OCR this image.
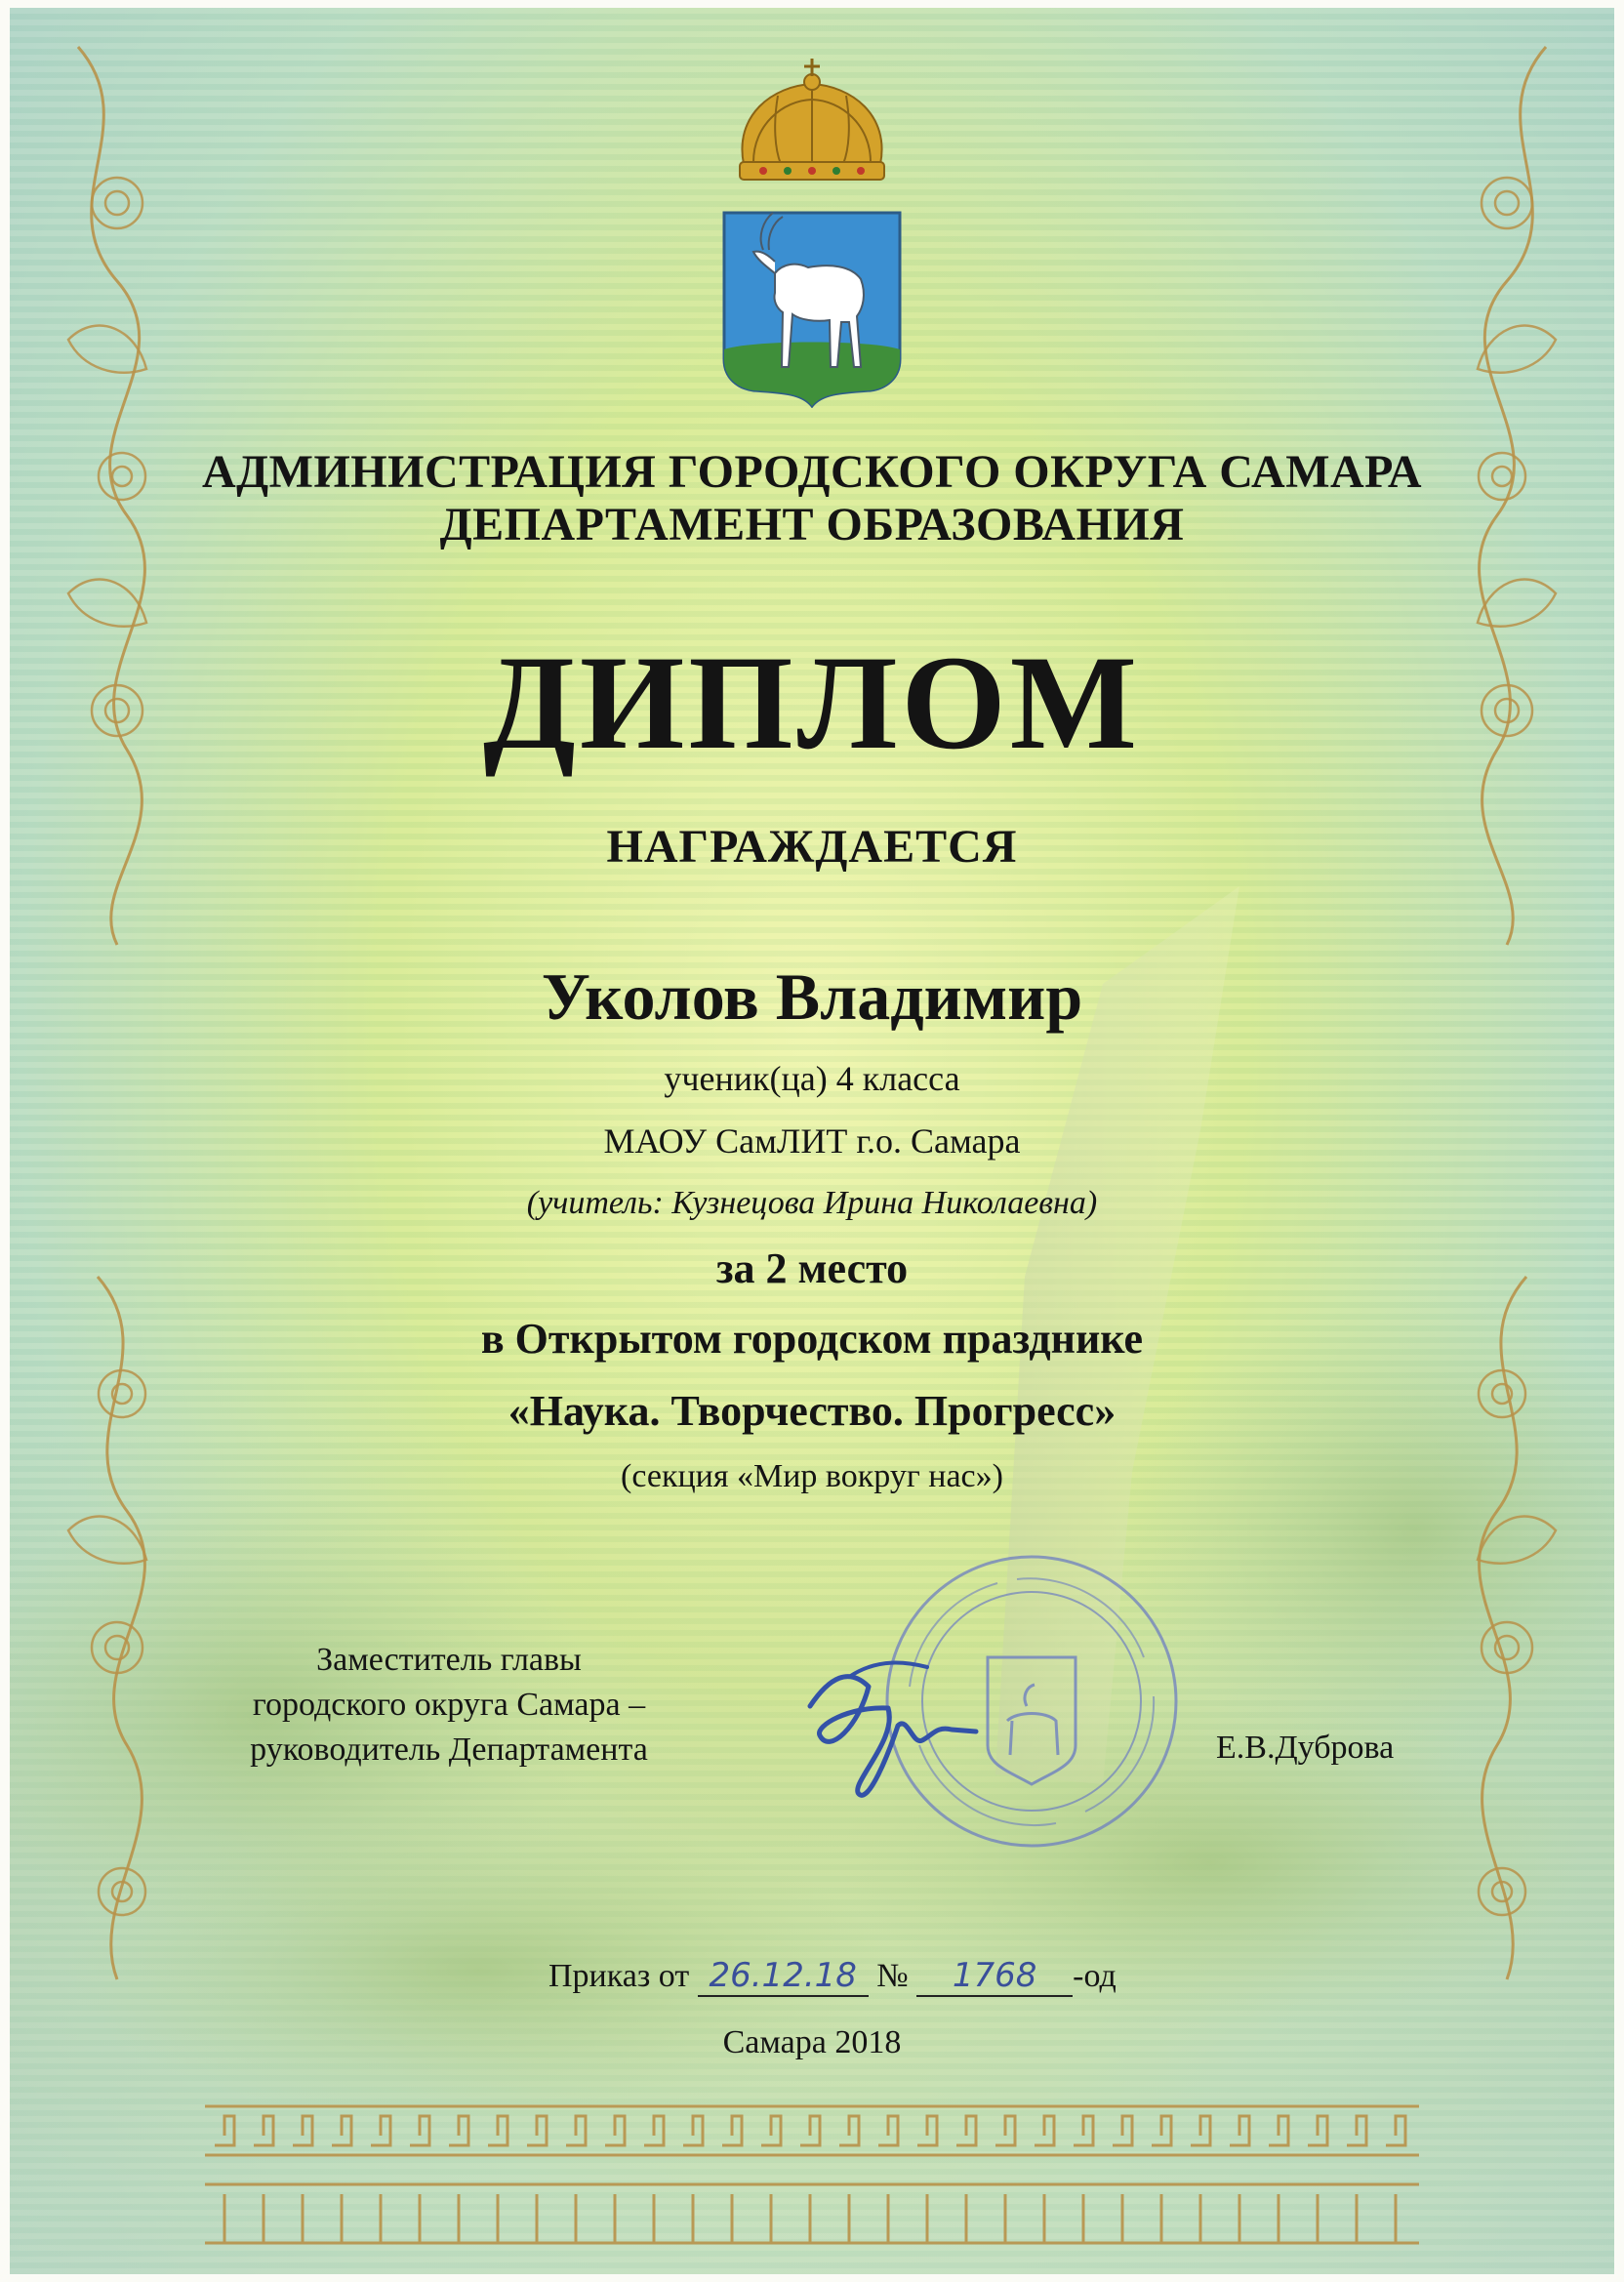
АДМИНИСТРАЦИЯ ГОРОДСКОГО ОКРУГА САМАРА
ДЕПАРТАМЕНТ ОБРАЗОВАНИЯ
ДИПЛОМ
НАГРАЖДАЕТСЯ
Уколов Владимир
ученик(ца) 4 класса
МАОУ СамЛИТ г.о. Самара
(учитель: Кузнецова Ирина Николаевна)
за 2 место
в Открытом городском празднике
«Наука. Творчество. Прогресс»
(секция «Мир вокруг нас»)
Заместитель главы
городского округа Самара –
руководитель Департамента	Е.В.Дуброва
Приказ от 26.12.18 № 1768 -од
Самара 2018
